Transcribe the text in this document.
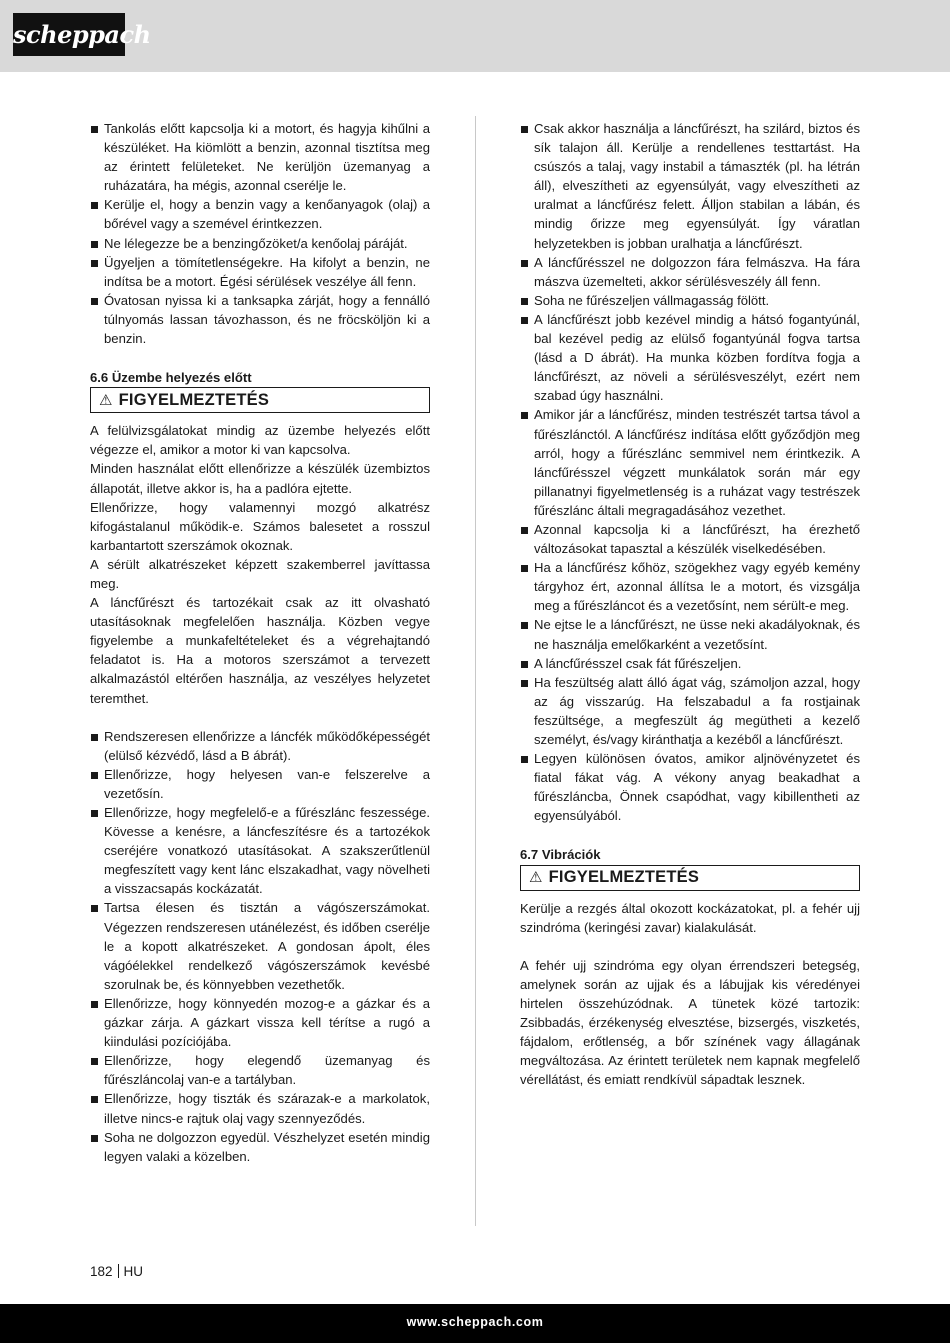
scheppach
Tankolás előtt kapcsolja ki a motort, és hagyja kihűlni a készüléket. Ha kiömlött a benzin, azonnal tisztítsa meg az érintett felületeket. Ne kerüljön üzemanyag a ruházatára, ha mégis, azonnal cserélje le.
Kerülje el, hogy a benzin vagy a kenőanyagok (olaj) a bőrével vagy a szemével érintkezzen.
Ne lélegezze be a benzingőzöket/a kenőolaj páráját.
Ügyeljen a tömítetlenségekre. Ha kifolyt a benzin, ne indítsa be a motort. Égési sérülések veszélye áll fenn.
Óvatosan nyissa ki a tanksapka zárját, hogy a fennálló túlnyomás lassan távozhasson, és ne fröcsköljön ki a benzin.

6.6 Üzembe helyezés előtt

⚠ FIGYELMEZTETÉS

A felülvizsgálatokat mindig az üzembe helyezés előtt végezze el, amikor a motor ki van kapcsolva.

Minden használat előtt ellenőrizze a készülék üzembiztos állapotát, illetve akkor is, ha a padlóra ejtette.

Ellenőrizze, hogy valamennyi mozgó alkatrész kifogástalanul működik-e. Számos balesetet a rosszul karbantartott szerszámok okoznak.

A sérült alkatrészeket képzett szakemberrel javíttassa meg.

A láncfűrészt és tartozékait csak az itt olvasható utasításoknak megfelelően használja. Közben vegye figyelembe a munkafeltételeket és a végrehajtandó feladatot is. Ha a motoros szerszámot a tervezett alkalmazástól eltérően használja, az veszélyes helyzetet teremthet.

Rendszeresen ellenőrizze a láncfék működőképességét (elülső kézvédő, lásd a B ábrát).
Ellenőrizze, hogy helyesen van-e felszerelve a vezetősín.
Ellenőrizze, hogy megfelelő-e a fűrészlánc feszessége. Kövesse a kenésre, a láncfeszítésre és a tartozékok cseréjére vonatkozó utasításokat. A szakszerűtlenül megfeszített vagy kent lánc elszakadhat, vagy növelheti a visszacsapás kockázatát.
Tartsa élesen és tisztán a vágószerszámokat. Végezzen rendszeresen utánélezést, és időben cserélje le a kopott alkatrészeket. A gondosan ápolt, éles vágóélekkel rendelkező vágószerszámok kevésbé szorulnak be, és könnyebben vezethetők.
Ellenőrizze, hogy könnyedén mozog-e a gázkar és a gázkar zárja. A gázkart vissza kell térítse a rugó a kiindulási pozíciójába.
Ellenőrizze, hogy elegendő üzemanyag és fűrészláncolaj van-e a tartályban.
Ellenőrizze, hogy tiszták és szárazak-e a markolatok, illetve nincs-e rajtuk olaj vagy szennyeződés.
Soha ne dolgozzon egyedül. Vészhelyzet esetén mindig legyen valaki a közelben.
Csak akkor használja a láncfűrészt, ha szilárd, biztos és sík talajon áll. Kerülje a rendellenes testtartást. Ha csúszós a talaj, vagy instabil a támaszték (pl. ha létrán áll), elveszítheti az egyensúlyát, vagy elveszítheti az uralmat a láncfűrész felett. Álljon stabilan a lábán, és mindig őrizze meg egyensúlyát. Így váratlan helyzetekben is jobban uralhatja a láncfűrészt.
A láncfűrésszel ne dolgozzon fára felmászva. Ha fára mászva üzemelteti, akkor sérülésveszély áll fenn.
Soha ne fűrészeljen vállmagasság fölött.
A láncfűrészt jobb kezével mindig a hátsó fogantyúnál, bal kezével pedig az elülső fogantyúnál fogva tartsa (lásd a D ábrát). Ha munka közben fordítva fogja a láncfűrészt, az növeli a sérülésveszélyt, ezért nem szabad úgy használni.
Amikor jár a láncfűrész, minden testrészét tartsa távol a fűrészlánctól. A láncfűrész indítása előtt győződjön meg arról, hogy a fűrészlánc semmivel nem érintkezik. A láncfűrésszel végzett munkálatok során már egy pillanatnyi figyelmetlenség is a ruházat vagy testrészek fűrészlánc általi megragadásához vezethet.
Azonnal kapcsolja ki a láncfűrészt, ha érezhető változásokat tapasztal a készülék viselkedésében.
Ha a láncfűrész kőhöz, szögekhez vagy egyéb kemény tárgyhoz ért, azonnal állítsa le a motort, és vizsgálja meg a fűrészláncot és a vezetősínt, nem sérült-e meg.
Ne ejtse le a láncfűrészt, ne üsse neki akadályoknak, és ne használja emelőkarként a vezetősínt.
A láncfűrésszel csak fát fűrészeljen.
Ha feszültség alatt álló ágat vág, számoljon azzal, hogy az ág visszarúg. Ha felszabadul a fa rostjainak feszültsége, a megfeszült ág megütheti a kezelő személyt, és/vagy kiránthatja a kezéből a láncfűrészt.
Legyen különösen óvatos, amikor aljnövényzetet és fiatal fákat vág. A vékony anyag beakadhat a fűrészláncba, Önnek csapódhat, vagy kibillentheti az egyensúlyából.

6.7 Vibrációk

⚠ FIGYELMEZTETÉS

Kerülje a rezgés által okozott kockázatokat, pl. a fehér ujj szindróma (keringési zavar) kialakulását.

A fehér ujj szindróma egy olyan érrendszeri betegség, amelynek során az ujjak és a lábujjak kis véredényei hirtelen összehúzódnak. A tünetek közé tartozik: Zsibbadás, érzékenység elvesztése, bizsergés, viszketés, fájdalom, erőtlenség, a bőr színének vagy állagának megváltozása. Az érintett területek nem kapnak megfelelő vérellátást, és emiatt rendkívül sápadtak lesznek.

182 HU
www.scheppach.com
